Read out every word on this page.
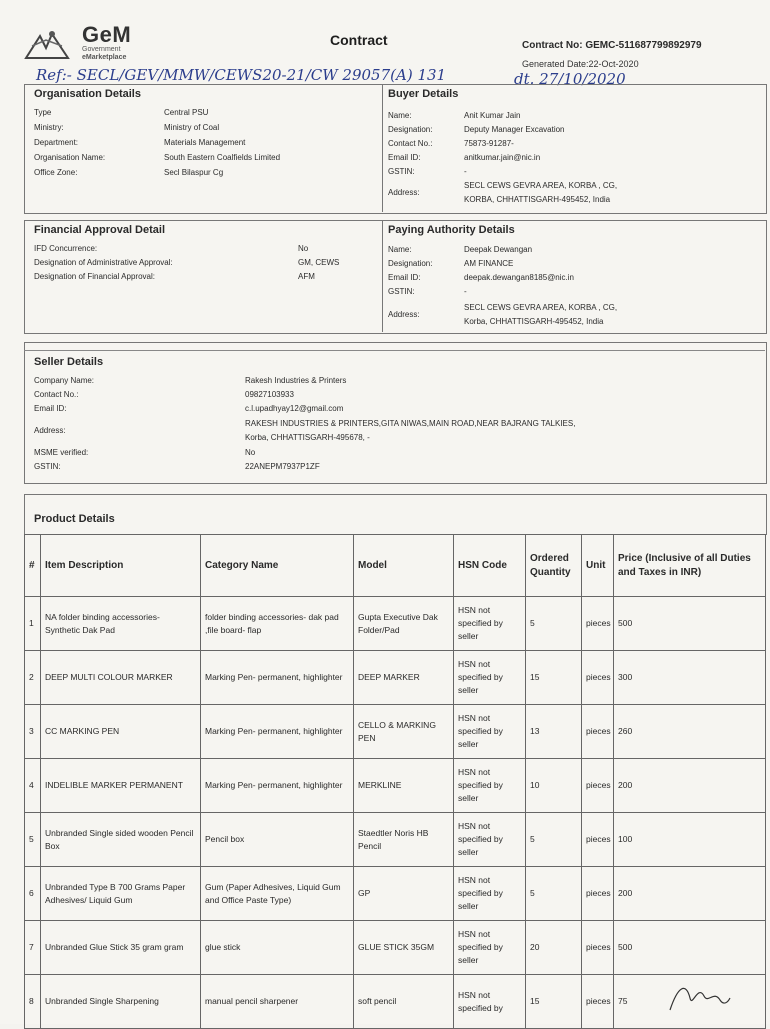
GeM
Government
eMarketplace
Contract	Contract No: GEMC-511687799892979
Generated Date:22-Oct-2020
Ref:- SECL/GEV/MMW/CEWS20-21/CW 29057(A) 131	dt. 27/10/2020
Organisation Details
Type	Central PSU
Ministry:	Ministry of Coal
Department:	Materials Management
Organisation Name:	South Eastern Coalfields Limited
Office Zone:	Secl Bilaspur Cg
Buyer Details
Name:	Anit Kumar Jain
Designation:	Deputy Manager Excavation
Contact No.:	75873-91287-
Email ID:	anitkumar.jain@nic.in
GSTIN:	-
Address:
SECL CEWS GEVRA AREA, KORBA , CG,
KORBA, CHHATTISGARH-495452, India
Financial Approval Detail
IFD Concurrence:	No
Designation of Administrative Approval:	GM, CEWS
Designation of Financial Approval:	AFM
Paying Authority Details
Name:	Deepak Dewangan
Designation:	AM FINANCE
Email ID:	deepak.dewangan8185@nic.in
GSTIN:	-
Address:
SECL CEWS GEVRA AREA, KORBA , CG,
Korba, CHHATTISGARH-495452, India
Seller Details
Company Name:	Rakesh Industries & Printers
Contact No.:	09827103933
Email ID:	c.l.upadhyay12@gmail.com
Address:
RAKESH INDUSTRIES & PRINTERS,GITA NIWAS,MAIN ROAD,NEAR BAJRANG TALKIES,
Korba, CHHATTISGARH-495678, -
MSME verified:	No
GSTIN:	22ANEPM7937P1ZF
Product Details
#	Item Description	Category Name	Model	HSN Code	Ordered Quantity	Unit	Price (Inclusive of all Duties and Taxes in INR)
1	NA folder binding accessories- Synthetic Dak Pad	folder binding accessories- dak pad ,file board- flap	Gupta Executive Dak Folder/Pad	HSN not specified by seller	5	pieces	500
2	DEEP MULTI COLOUR MARKER	Marking Pen- permanent, highlighter	DEEP MARKER	HSN not specified by seller	15	pieces	300
3	CC MARKING PEN	Marking Pen- permanent, highlighter	CELLO & MARKING PEN	HSN not specified by seller	13	pieces	260
4	INDELIBLE MARKER PERMANENT	Marking Pen- permanent, highlighter	MERKLINE	HSN not specified by seller	10	pieces	200
5	Unbranded Single sided wooden Pencil Box	Pencil box	Staedtler Noris HB Pencil	HSN not specified by seller	5	pieces	100
6	Unbranded Type B 700 Grams Paper Adhesives/ Liquid Gum	Gum (Paper Adhesives, Liquid Gum and Office Paste Type)	GP	HSN not specified by seller	5	pieces	200
7	Unbranded Glue Stick 35 gram gram	glue stick	GLUE STICK 35GM	HSN not specified by seller	20	pieces	500
8	Unbranded Single Sharpening	manual pencil sharpener	soft pencil	HSN not specified by	15	pieces	75
